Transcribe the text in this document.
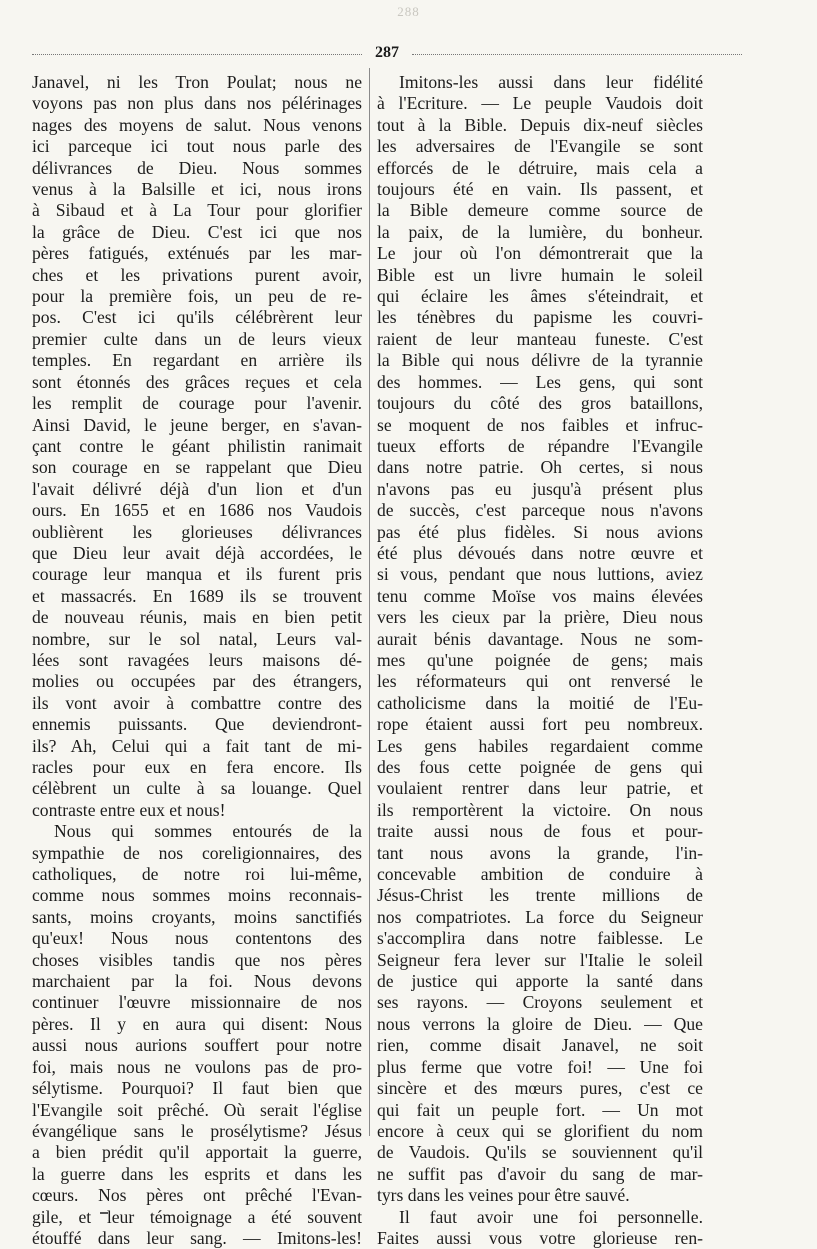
288
287
Janavel, ni les Tron Poulat; nous ne
voyons pas non plus dans nos pélérinages
nages des moyens de salut. Nous venons
ici parceque ici tout nous parle des
délivrances de Dieu. Nous sommes
venus à la Balsille et ici, nous irons
à Sibaud et à La Tour pour glorifier
la grâce de Dieu. C'est ici que nos
pères fatigués, exténués par les mar-
ches et les privations purent avoir,
pour la première fois, un peu de re-
pos. C'est ici qu'ils célébrèrent leur
premier culte dans un de leurs vieux
temples. En regardant en arrière ils
sont étonnés des grâces reçues et cela
les remplit de courage pour l'avenir.
Ainsi David, le jeune berger, en s'avan-
çant contre le géant philistin ranimait
son courage en se rappelant que Dieu
l'avait délivré déjà d'un lion et d'un
ours. En 1655 et en 1686 nos Vaudois
oublièrent les glorieuses délivrances
que Dieu leur avait déjà accordées, le
courage leur manqua et ils furent pris
et massacrés. En 1689 ils se trouvent
de nouveau réunis, mais en bien petit
nombre, sur le sol natal, Leurs val-
lées sont ravagées leurs maisons dé-
molies ou occupées par des étrangers,
ils vont avoir à combattre contre des
ennemis puissants. Que deviendront-
ils? Ah, Celui qui a fait tant de mi-
racles pour eux en fera encore. Ils
célèbrent un culte à sa louange. Quel
contraste entre eux et nous!
Nous qui sommes entourés de la
sympathie de nos coreligionnaires, des
catholiques, de notre roi lui-même,
comme nous sommes moins reconnais-
sants, moins croyants, moins sanctifiés
qu'eux! Nous nous contentons des
choses visibles tandis que nos pères
marchaient par la foi. Nous devons
continuer l'œuvre missionnaire de nos
pères. Il y en aura qui disent: Nous
aussi nous aurions souffert pour notre
foi, mais nous ne voulons pas de pro-
sélytisme. Pourquoi? Il faut bien que
l'Evangile soit prêché. Où serait l'église
évangélique sans le prosélytisme? Jésus
a bien prédit qu'il apportait la guerre,
la guerre dans les esprits et dans les
cœurs. Nos pères ont prêché l'Evan-
gile, et leur témoignage a été souvent
étouffé dans leur sang. — Imitons-les!
Imitons-les aussi dans leur fidélité
à l'Ecriture. — Le peuple Vaudois doit
tout à la Bible. Depuis dix-neuf siècles
les adversaires de l'Evangile se sont
efforcés de le détruire, mais cela a
toujours été en vain. Ils passent, et
la Bible demeure comme source de
la paix, de la lumière, du bonheur.
Le jour où l'on démontrerait que la
Bible est un livre humain le soleil
qui éclaire les âmes s'éteindrait, et
les ténèbres du papisme les couvri-
raient de leur manteau funeste. C'est
la Bible qui nous délivre de la tyrannie
des hommes. — Les gens, qui sont
toujours du côté des gros bataillons,
se moquent de nos faibles et infruc-
tueux efforts de répandre l'Evangile
dans notre patrie. Oh certes, si nous
n'avons pas eu jusqu'à présent plus
de succès, c'est parceque nous n'avons
pas été plus fidèles. Si nous avions
été plus dévoués dans notre œuvre et
si vous, pendant que nous luttions, aviez
tenu comme Moïse vos mains élevées
vers les cieux par la prière, Dieu nous
aurait bénis davantage. Nous ne som-
mes qu'une poignée de gens; mais
les réformateurs qui ont renversé le
catholicisme dans la moitié de l'Eu-
rope étaient aussi fort peu nombreux.
Les gens habiles regardaient comme
des fous cette poignée de gens qui
voulaient rentrer dans leur patrie, et
ils remportèrent la victoire. On nous
traite aussi nous de fous et pour-
tant nous avons la grande, l'in-
concevable ambition de conduire à
Jésus-Christ les trente millions de
nos compatriotes. La force du Seigneur
s'accomplira dans notre faiblesse. Le
Seigneur fera lever sur l'Italie le soleil
de justice qui apporte la santé dans
ses rayons. — Croyons seulement et
nous verrons la gloire de Dieu. — Que
rien, comme disait Janavel, ne soit
plus ferme que votre foi! — Une foi
sincère et des mœurs pures, c'est ce
qui fait un peuple fort. — Un mot
encore à ceux qui se glorifient du nom
de Vaudois. Qu'ils se souviennent qu'il
ne suffit pas d'avoir du sang de mar-
tyrs dans les veines pour être sauvé.
Il faut avoir une foi personnelle.
Faites aussi vous votre glorieuse ren-
